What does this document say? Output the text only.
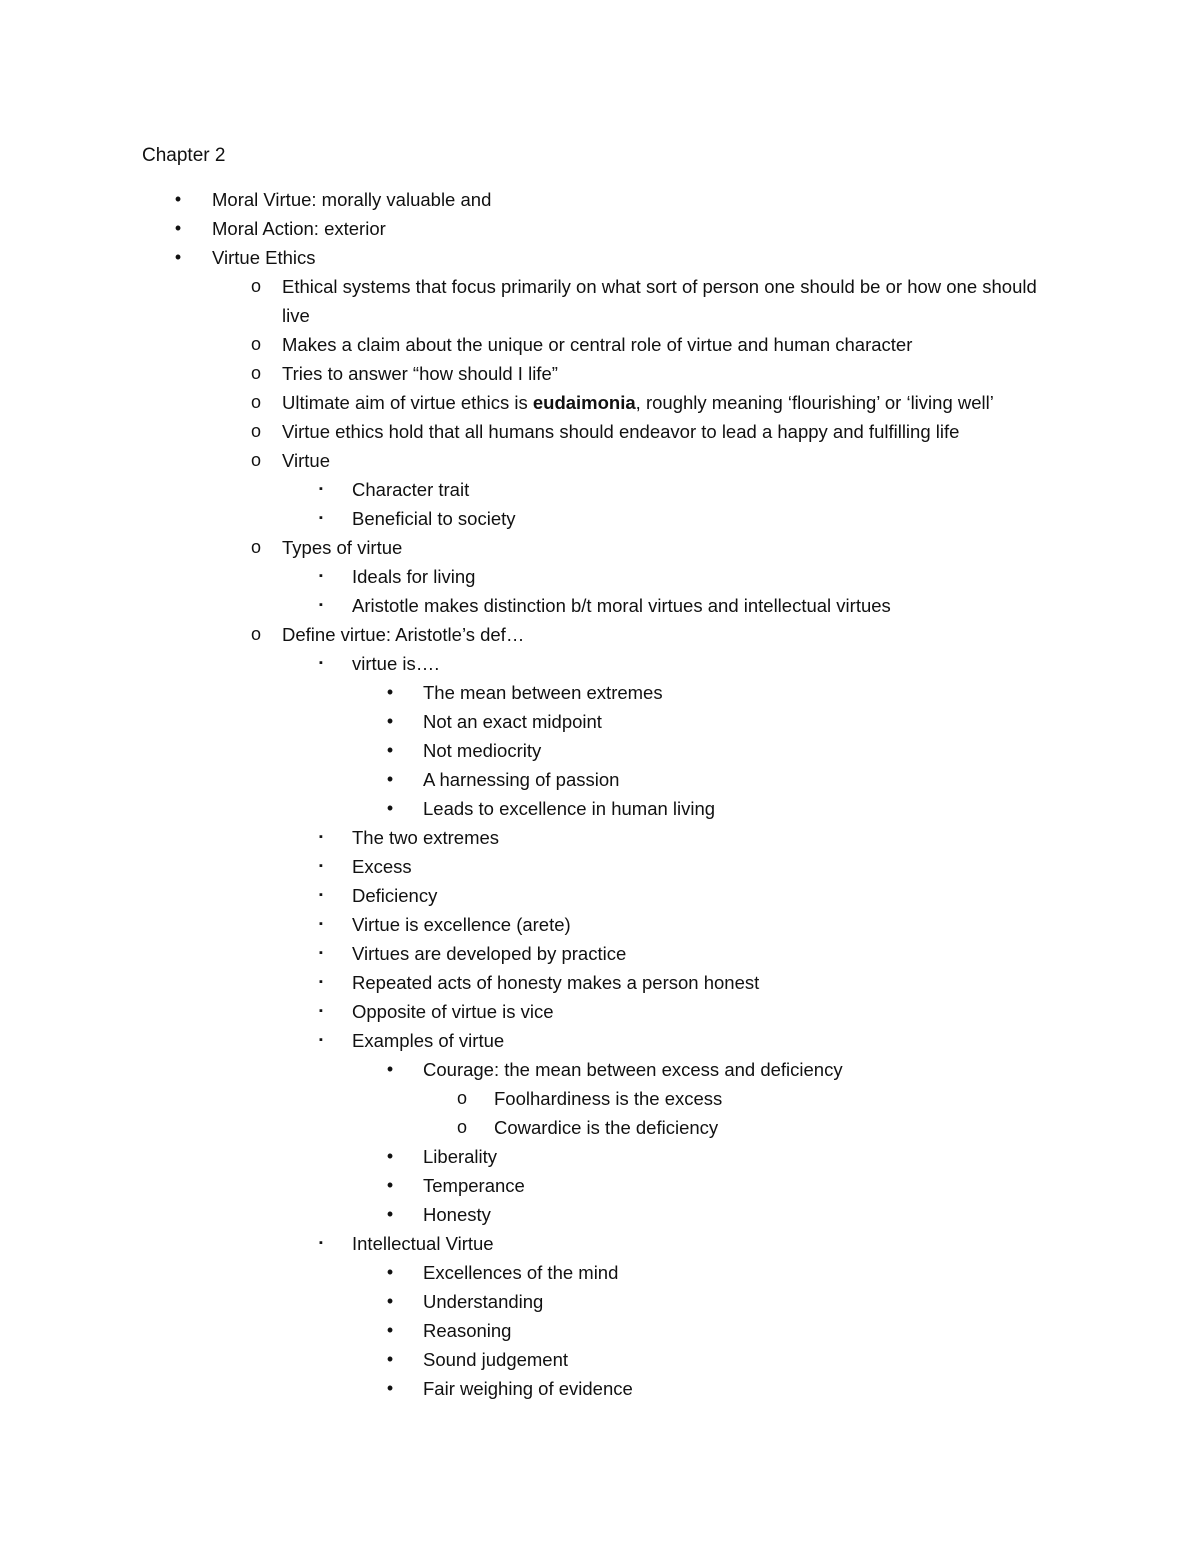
Chapter 2
•	Moral Virtue: morally valuable and
•	Moral Action: exterior
•	Virtue Ethics
o Ethical systems that focus primarily on what sort of person one should be or how one should live
o Makes a claim about the unique or central role of virtue and human character
o Tries to answer “how should I life”
o Ultimate aim of virtue ethics is eudaimonia, roughly meaning ‘flourishing’ or ‘living well’
o Virtue ethics hold that all humans should endeavor to lead a happy and fulfilling life
o Virtue
▪	Character trait
▪	Beneficial to society
o Types of virtue
▪	Ideals for living
▪	Aristotle makes distinction b/t moral virtues and intellectual virtues
o Define virtue: Aristotle’s def…
▪	virtue is….
•	The mean between extremes
•	Not an exact midpoint
•	Not mediocrity
•	A harnessing of passion
•	Leads to excellence in human living
▪	The two extremes
▪	Excess
▪	Deficiency
▪	Virtue is excellence (arete)
▪	Virtues are developed by practice
▪	Repeated acts of honesty makes a person honest
▪	Opposite of virtue is vice
▪	Examples of virtue
•	Courage: the mean between excess and deficiency
o Foolhardiness is the excess
o Cowardice is the deficiency
•	Liberality
•	Temperance
•	Honesty
▪	Intellectual Virtue
•	Excellences of the mind
•	Understanding
•	Reasoning
•	Sound judgement
•	Fair weighing of evidence
